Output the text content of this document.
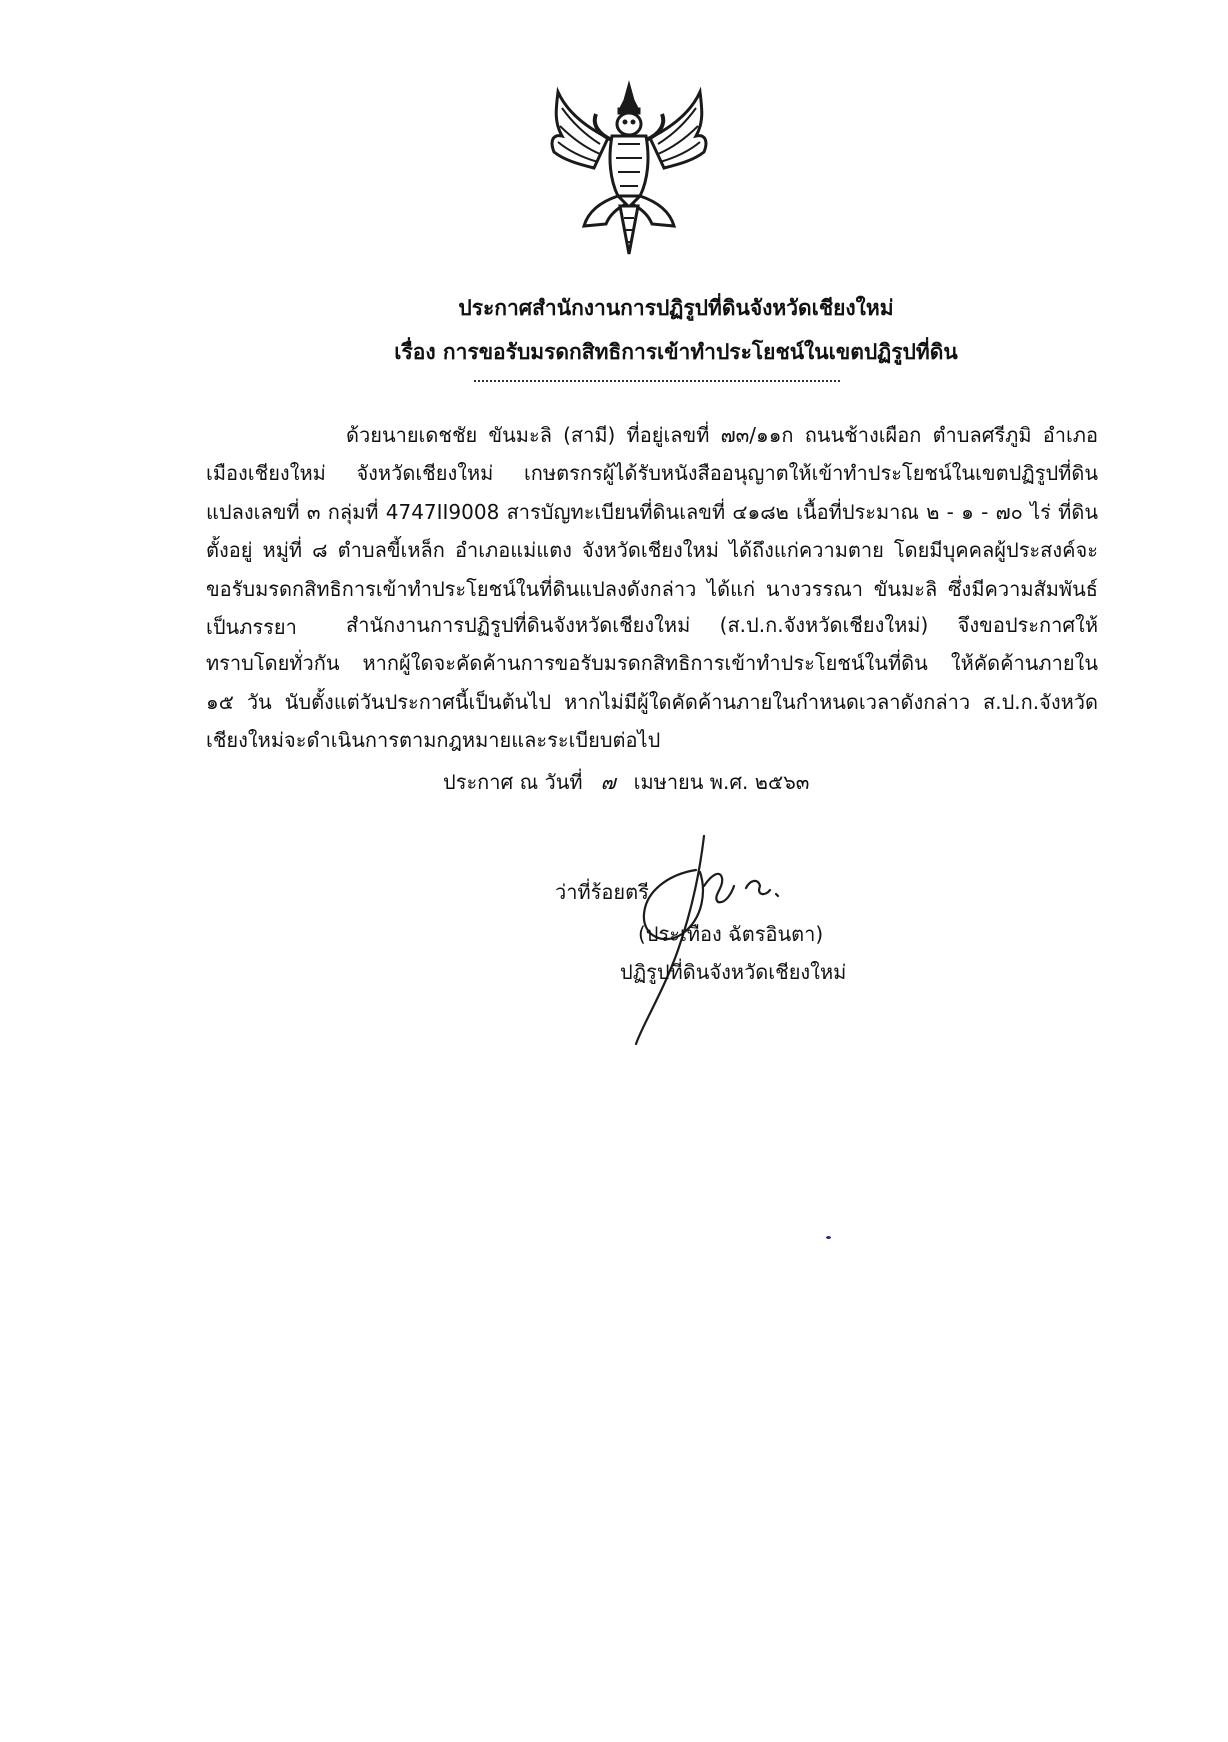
ประกาศสำนักงานการปฏิรูปที่ดินจังหวัดเชียงใหม่
เรื่อง การขอรับมรดกสิทธิการเข้าทำประโยชน์ในเขตปฏิรูปที่ดิน
ด้วยนายเดชชัย ขันมะลิ (สามี) ที่อยู่เลขที่ ๗๓/๑๑ก ถนนช้างเผือก ตำบลศรีภูมิ อำเภอเมืองเชียงใหม่ จังหวัดเชียงใหม่ เกษตรกรผู้ได้รับหนังสืออนุญาตให้เข้าทำประโยชน์ในเขตปฏิรูปที่ดิน แปลงเลขที่ ๓ กลุ่มที่ 4747II9008 สารบัญทะเบียนที่ดินเลขที่ ๔๑๘๒ เนื้อที่ประมาณ ๒ - ๑ - ๗๐ ไร่ ที่ดินตั้งอยู่ หมู่ที่ ๘ ตำบลขี้เหล็ก อำเภอแม่แตง จังหวัดเชียงใหม่ ได้ถึงแก่ความตาย โดยมีบุคคลผู้ประสงค์จะขอรับมรดกสิทธิการเข้าทำประโยชน์ในที่ดินแปลงดังกล่าว ได้แก่ นางวรรณา ขันมะลิ ซึ่งมีความสัมพันธ์เป็นภรรยา	สำนักงานการปฏิรูปที่ดินจังหวัดเชียงใหม่ (ส.ป.ก.จังหวัดเชียงใหม่) จึงขอประกาศให้ทราบโดยทั่วกัน หากผู้ใดจะคัดค้านการขอรับมรดกสิทธิการเข้าทำประโยชน์ในที่ดิน ให้คัดค้านภายใน ๑๕ วัน นับตั้งแต่วันประกาศนี้เป็นต้นไป หากไม่มีผู้ใดคัดค้านภายในกำหนดเวลาดังกล่าว ส.ป.ก.จังหวัดเชียงใหม่จะดำเนินการตามกฎหมายและระเบียบต่อไป
ประกาศ ณ วันที่ ๗ เมษายน พ.ศ. ๒๕๖๓
ว่าที่ร้อยตรี
(ประเทือง ฉัตรอินตา)
ปฏิรูปที่ดินจังหวัดเชียงใหม่
